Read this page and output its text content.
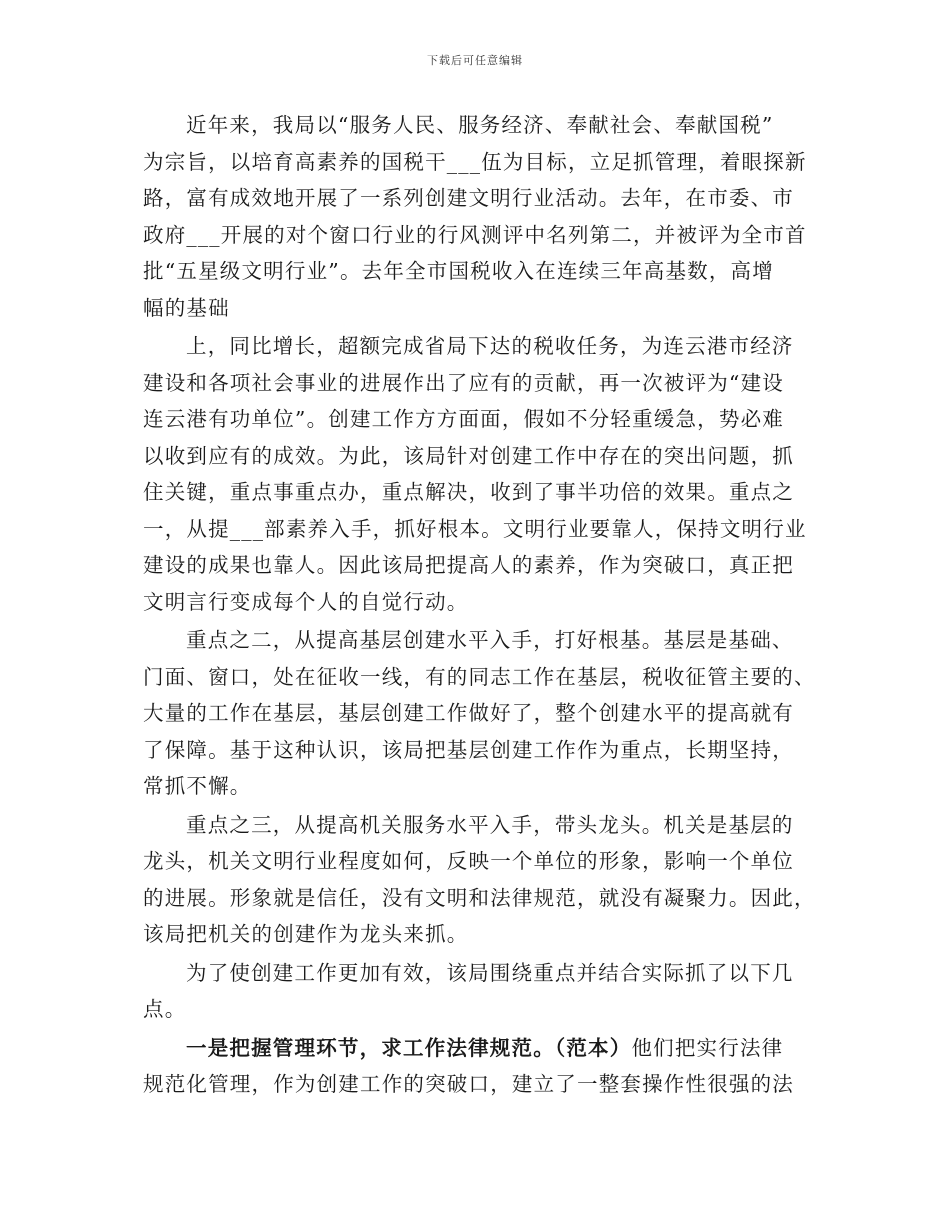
下载后可任意编辑
近年来，我局以“服务人民、服务经济、奉献社会、奉献国税”
为宗旨，以培育高素养的国税干___伍为目标，立足抓管理，着眼探新
路，富有成效地开展了一系列创建文明行业活动。去年，在市委、市
政府___开展的对个窗口行业的行风测评中名列第二，并被评为全市首
批“五星级文明行业”。去年全市国税收入在连续三年高基数，高增
幅的基础
上，同比增长，超额完成省局下达的税收任务，为连云港市经济
建设和各项社会事业的进展作出了应有的贡献，再一次被评为“建设
连云港有功单位”。创建工作方方面面，假如不分轻重缓急，势必难
以收到应有的成效。为此，该局针对创建工作中存在的突出问题，抓
住关键，重点事重点办，重点解决，收到了事半功倍的效果。重点之
一，从提___部素养入手，抓好根本。文明行业要靠人，保持文明行业
建设的成果也靠人。因此该局把提高人的素养，作为突破口，真正把
文明言行变成每个人的自觉行动。
重点之二，从提高基层创建水平入手，打好根基。基层是基础、
门面、窗口，处在征收一线，有的同志工作在基层，税收征管主要的、
大量的工作在基层，基层创建工作做好了，整个创建水平的提高就有
了保障。基于这种认识，该局把基层创建工作作为重点，长期坚持，
常抓不懈。
重点之三，从提高机关服务水平入手，带头龙头。机关是基层的
龙头，机关文明行业程度如何，反映一个单位的形象，影响一个单位
的进展。形象就是信任，没有文明和法律规范，就没有凝聚力。因此，
该局把机关的创建作为龙头来抓。
为了使创建工作更加有效，该局围绕重点并结合实际抓了以下几
点。
一是把握管理环节，求工作法律规范。（范本）他们把实行法律
规范化管理，作为创建工作的突破口，建立了一整套操作性很强的法
